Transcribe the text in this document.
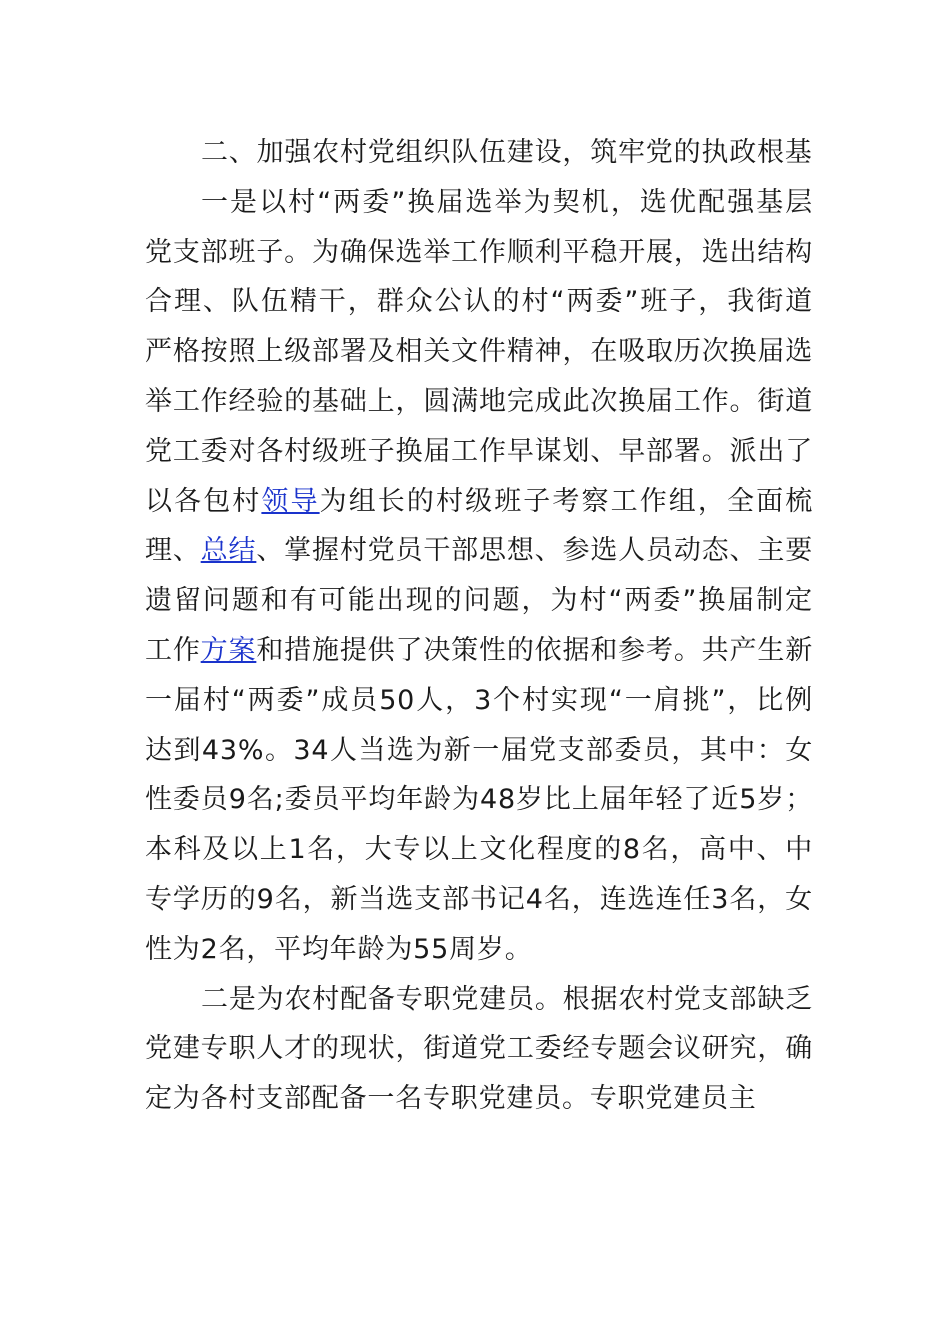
二、加强农村党组织队伍建设，筑牢党的执政根基

一是以村“两委”换届选举为契机，选优配强基层党支部班子。为确保选举工作顺利平稳开展，选出结构合理、队伍精干，群众公认的村“两委”班子，我街道严格按照上级部署及相关文件精神，在吸取历次换届选举工作经验的基础上，圆满地完成此次换届工作。街道党工委对各村级班子换届工作早谋划、早部署。派出了以各包村领导为组长的村级班子考察工作组，全面梳理、总结、掌握村党员干部思想、参选人员动态、主要遗留问题和有可能出现的问题，为村“两委”换届制定工作方案和措施提供了决策性的依据和参考。共产生新一届村“两委”成员50人，3个村实现“一肩挑”，比例达到43%。34人当选为新一届党支部委员，其中：女性委员9名;委员平均年龄为48岁比上届年轻了近5岁；本科及以上1名，大专以上文化程度的8名，高中、中专学历的9名，新当选支部书记4名，连选连任3名，女性为2名，平均年龄为55周岁。

二是为农村配备专职党建员。根据农村党支部缺乏党建专职人才的现状，街道党工委经专题会议研究，确定为各村支部配备一名专职党建员。专职党建员主
